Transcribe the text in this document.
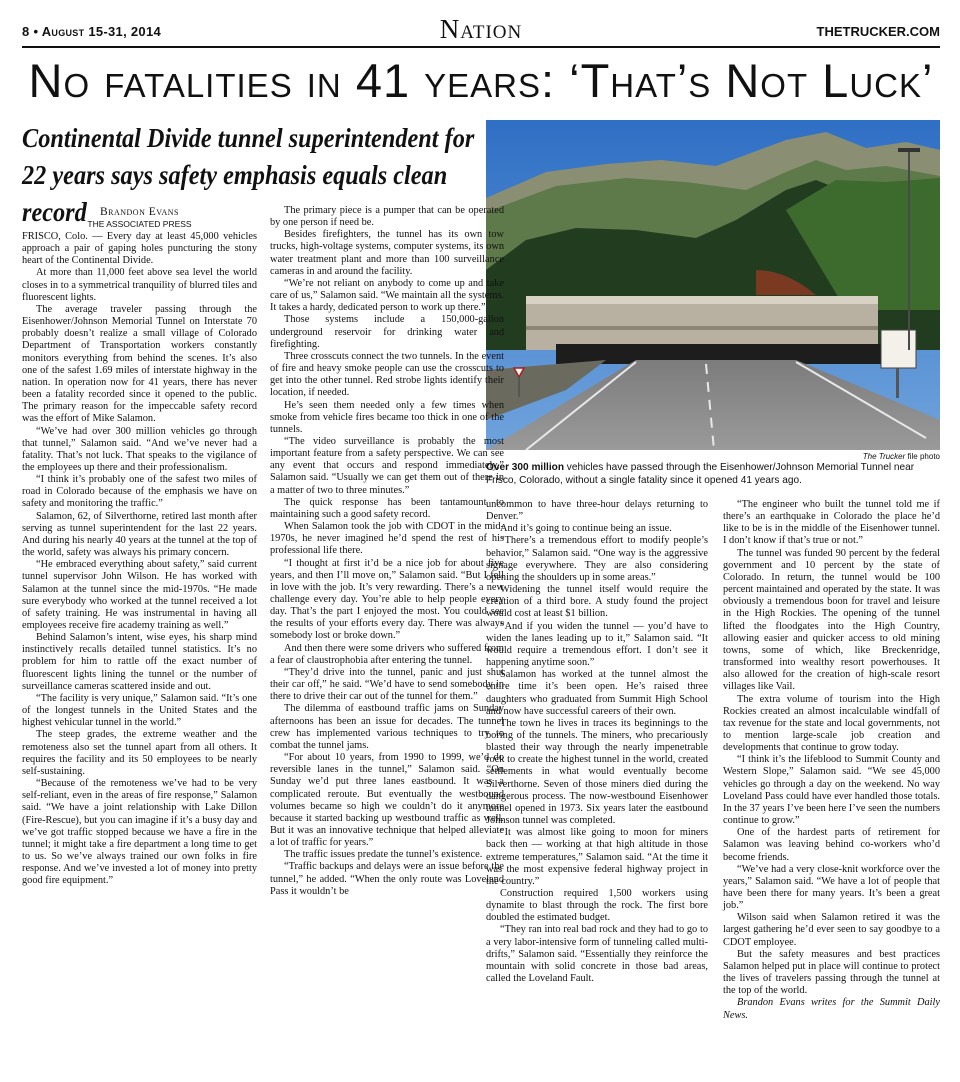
8 • August 15-31, 2014	Nation	THETRUCKER.COM
No fatalities in 41 years: ‘That’s Not Luck’
Continental Divide tunnel superintendent for 22 years says safety emphasis equals clean record	Brandon Evans
THE ASSOCIATED PRESS
The Trucker file photo
Over 300 million vehicles have passed through the Eisenhower/Johnson Memorial Tunnel near Frisco, Colorado, without a single fatality since it opened 41 years ago.

FRISCO, Colo. — Every day at least 45,000 vehicles approach a pair of gaping holes puncturing the stony heart of the Continental Divide.

At more than 11,000 feet above sea level the world closes in to a symmetrical tranquility of blurred tiles and fluorescent lights.

The average traveler passing through the Eisenhower/Johnson Memorial Tunnel on Interstate 70 probably doesn’t realize a small village of Colorado Department of Transportation workers constantly monitors everything from behind the scenes. It’s also one of the safest 1.69 miles of interstate highway in the nation. In operation now for 41 years, there has never been a fatality recorded since it opened to the public. The primary reason for the impeccable safety record was the effort of Mike Salamon.

“We’ve had over 300 million vehicles go through that tunnel,” Salamon said. “And we’ve never had a fatality. That’s not luck. That speaks to the vigilance of the employees up there and their professionalism.

“I think it’s probably one of the safest two miles of road in Colorado because of the emphasis we have on safety and monitoring the traffic.”

Salamon, 62, of Silverthorne, retired last month after serving as tunnel superintendent for the last 22 years. And during his nearly 40 years at the tunnel at the top of the world, safety was always his primary concern.

“He embraced everything about safety,” said current tunnel supervisor John Wilson. He has worked with Salamon at the tunnel since the mid-1970s. “He made sure everybody who worked at the tunnel received a lot of safety training. He was instrumental in having all employees receive fire academy training as well.”

Behind Salamon’s intent, wise eyes, his sharp mind instinctively recalls detailed tunnel statistics. It’s no problem for him to rattle off the exact number of fluorescent lights lining the tunnel or the number of surveillance cameras scattered inside and out.

“The facility is very unique,” Salamon said. “It’s one of the longest tunnels in the United States and the highest vehicular tunnel in the world.”

The steep grades, the extreme weather and the remoteness also set the tunnel apart from all others. It requires the facility and its 50 employees to be nearly self-sustaining.

“Because of the remoteness we’ve had to be very self-reliant, even in the areas of fire response,” Salamon said. “We have a joint relationship with Lake Dillon (Fire-Rescue), but you can imagine if it’s a busy day and we’ve got traffic stopped because we have a fire in the tunnel; it might take a fire department a long time to get to us. So we’ve always trained our own folks in fire response. And we’ve invested a lot of money into pretty good fire equipment.”

The primary piece is a pumper that can be operated by one person if need be.

Besides firefighters, the tunnel has its own tow trucks, high-voltage systems, computer systems, its own water treatment plant and more than 100 surveillance cameras in and around the facility.

“We’re not reliant on anybody to come up and take care of us,” Salamon said. “We maintain all the systems. It takes a hardy, dedicated person to work up there.”

Those systems include a 150,000-gallon underground reservoir for drinking water and firefighting.

Three crosscuts connect the two tunnels. In the event of fire and heavy smoke people can use the crosscuts to get into the other tunnel. Red strobe lights identify their location, if needed.

He’s seen them needed only a few times when smoke from vehicle fires became too thick in one of the tunnels.

“The video surveillance is probably the most important feature from a safety perspective. We can see any event that occurs and respond immediately,” Salamon said. “Usually we can get them out of there in a matter of two to three minutes.”

The quick response has been tantamount to maintaining such a good safety record.

When Salamon took the job with CDOT in the mid-1970s, he never imagined he’d spend the rest of his professional life there.

“I thought at first it’d be a nice job for about five years, and then I’ll move on,” Salamon said. “But I fell in love with the job. It’s very rewarding. There’s a new challenge every day. You’re able to help people every day. That’s the part I enjoyed the most. You could see the results of your efforts every day. There was always somebody lost or broke down.”

And then there were some drivers who suffered from a fear of claustrophobia after entering the tunnel.

“They’d drive into the tunnel, panic and just shut their car off,” he said. “We’d have to send somebody in there to drive their car out of the tunnel for them.”

The dilemma of eastbound traffic jams on Sunday afternoons has been an issue for decades. The tunnel crew has implemented various techniques to try to combat the tunnel jams.

“For about 10 years, from 1990 to 1999, we’d do reversible lanes in the tunnel,” Salamon said. “On Sunday we’d put three lanes eastbound. It was a complicated reroute. But eventually the westbound volumes became so high we couldn’t do it anymore because it started backing up westbound traffic as well. But it was an innovative technique that helped alleviate a lot of traffic for years.”

The traffic issues predate the tunnel’s existence.

“Traffic backups and delays were an issue before the tunnel,” he added. “When the only route was Loveland Pass it wouldn’t be

uncommon to have three-hour delays returning to Denver.”

And it’s going to continue being an issue.

“There’s a tremendous effort to modify people’s behavior,” Salamon said. “One way is the aggressive signage everywhere. They are also considering opening the shoulders up in some areas.”

Widening the tunnel itself would require the creation of a third bore. A study found the project would cost at least $1 billion.

“And if you widen the tunnel — you’d have to widen the lanes leading up to it,” Salamon said. “It would require a tremendous effort. I don’t see it happening anytime soon.”

Salamon has worked at the tunnel almost the entire time it’s been open. He’s raised three daughters who graduated from Summit High School and now have successful careers of their own.

The town he lives in traces its beginnings to the boring of the tunnels. The miners, who precariously blasted their way through the nearly impenetrable rock to create the highest tunnel in the world, created settlements in what would eventually become Silverthorne. Seven of those miners died during the dangerous process. The now-westbound Eisenhower tunnel opened in 1973. Six years later the eastbound Johnson tunnel was completed.

“It was almost like going to moon for miners back then — working at that high altitude in those extreme temperatures,” Salamon said. “At the time it was the most expensive federal highway project in the country.”

Construction required 1,500 workers using dynamite to blast through the rock. The first bore doubled the estimated budget.

“They ran into real bad rock and they had to go to a very labor-intensive form of tunneling called multi-drifts,” Salamon said. “Essentially they reinforce the mountain with solid concrete in those bad areas, called the Loveland Fault.

“The engineer who built the tunnel told me if there’s an earthquake in Colorado the place he’d like to be is in the middle of the Eisenhower tunnel. I don’t know if that’s true or not.”

The tunnel was funded 90 percent by the federal government and 10 percent by the state of Colorado. In return, the tunnel would be 100 percent maintained and operated by the state. It was obviously a tremendous boon for travel and leisure in the High Rockies. The opening of the tunnel lifted the floodgates into the High Country, allowing easier and quicker access to old mining towns, some of which, like Breckenridge, transformed into wealthy resort powerhouses. It also allowed for the creation of high-scale resort villages like Vail.

The extra volume of tourism into the High Rockies created an almost incalculable windfall of tax revenue for the state and local governments, not to mention large-scale job creation and developments that continue to grow today.

“I think it’s the lifeblood to Summit County and Western Slope,” Salamon said. “We see 45,000 vehicles go through a day on the weekend. No way Loveland Pass could have ever handled those totals. In the 37 years I’ve been here I’ve seen the numbers continue to grow.”

One of the hardest parts of retirement for Salamon was leaving behind co-workers who’d become friends.

“We’ve had a very close-knit workforce over the years,” Salamon said. “We have a lot of people that have been there for many years. It’s been a great job.”

Wilson said when Salamon retired it was the largest gathering he’d ever seen to say goodbye to a CDOT employee.

But the safety measures and best practices Salamon helped put in place will continue to protect the lives of travelers passing through the tunnel at the top of the world.

Brandon Evans writes for the Summit Daily News.
